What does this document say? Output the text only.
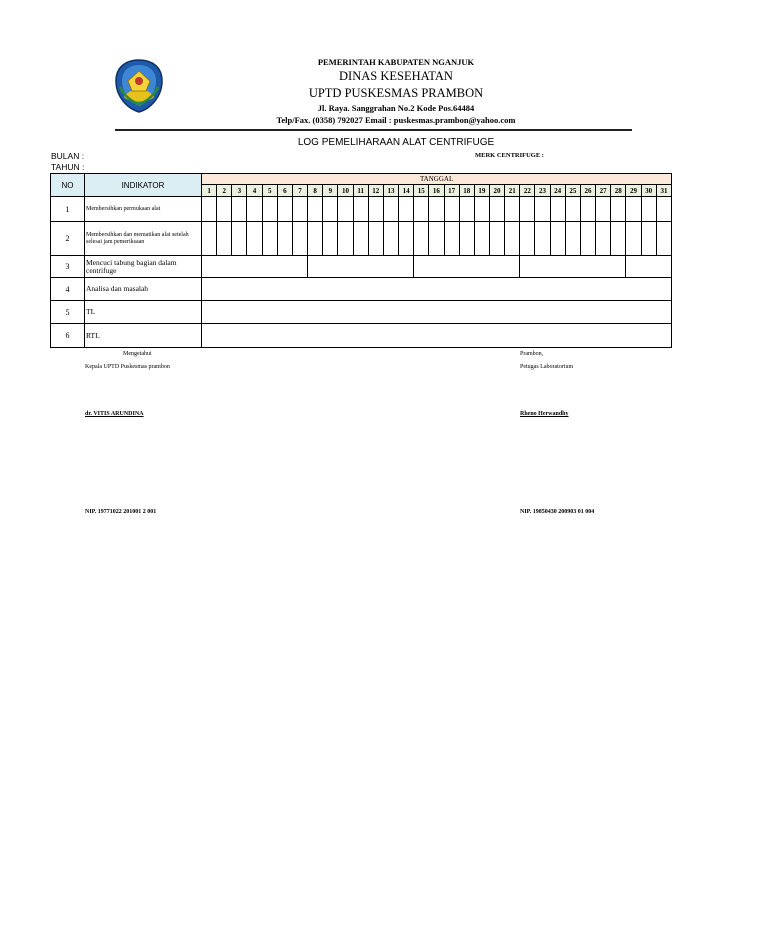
PEMERINTAH KABUPATEN NGANJUK
DINAS KESEHATAN
UPTD PUSKESMAS PRAMBON
Jl. Raya. Sanggrahan No.2 Kode Pos.64484
Telp/Fax. (0358) 792027 Email : puskesmas.prambon@yahoo.com
LOG PEMELIHARAAN ALAT CENTRIFUGE
BULAN :
TAHUN :
MERK CENTRIFUGE :
NO	INDIKATOR	TANGGAL																														
		1	2	3	4	5	6	7	8	9	10	11	12	13	14	15	16	17	18	19	20	21	22	23	24	25	26	27	28	29	30	31
1	Membersihkan permukaan alat																															
2	Membersihkan dan mematikan alat setelah selesai jam pemeriksaan																															
3	Mencuci tabung bagian dalam centrifuge																															
4	Analisa dan masalah																															
5	TL																															
6	RTL																															
Mengetahui
Kepala UPTD Puskesmas prambon
dr. VITIS ARUNDINA
NIP. 19771022 201001 2 001
Prambon,
Petugas Laboratorium
Rheno Herwandhy
NIP. 19850430 200903 01 004
